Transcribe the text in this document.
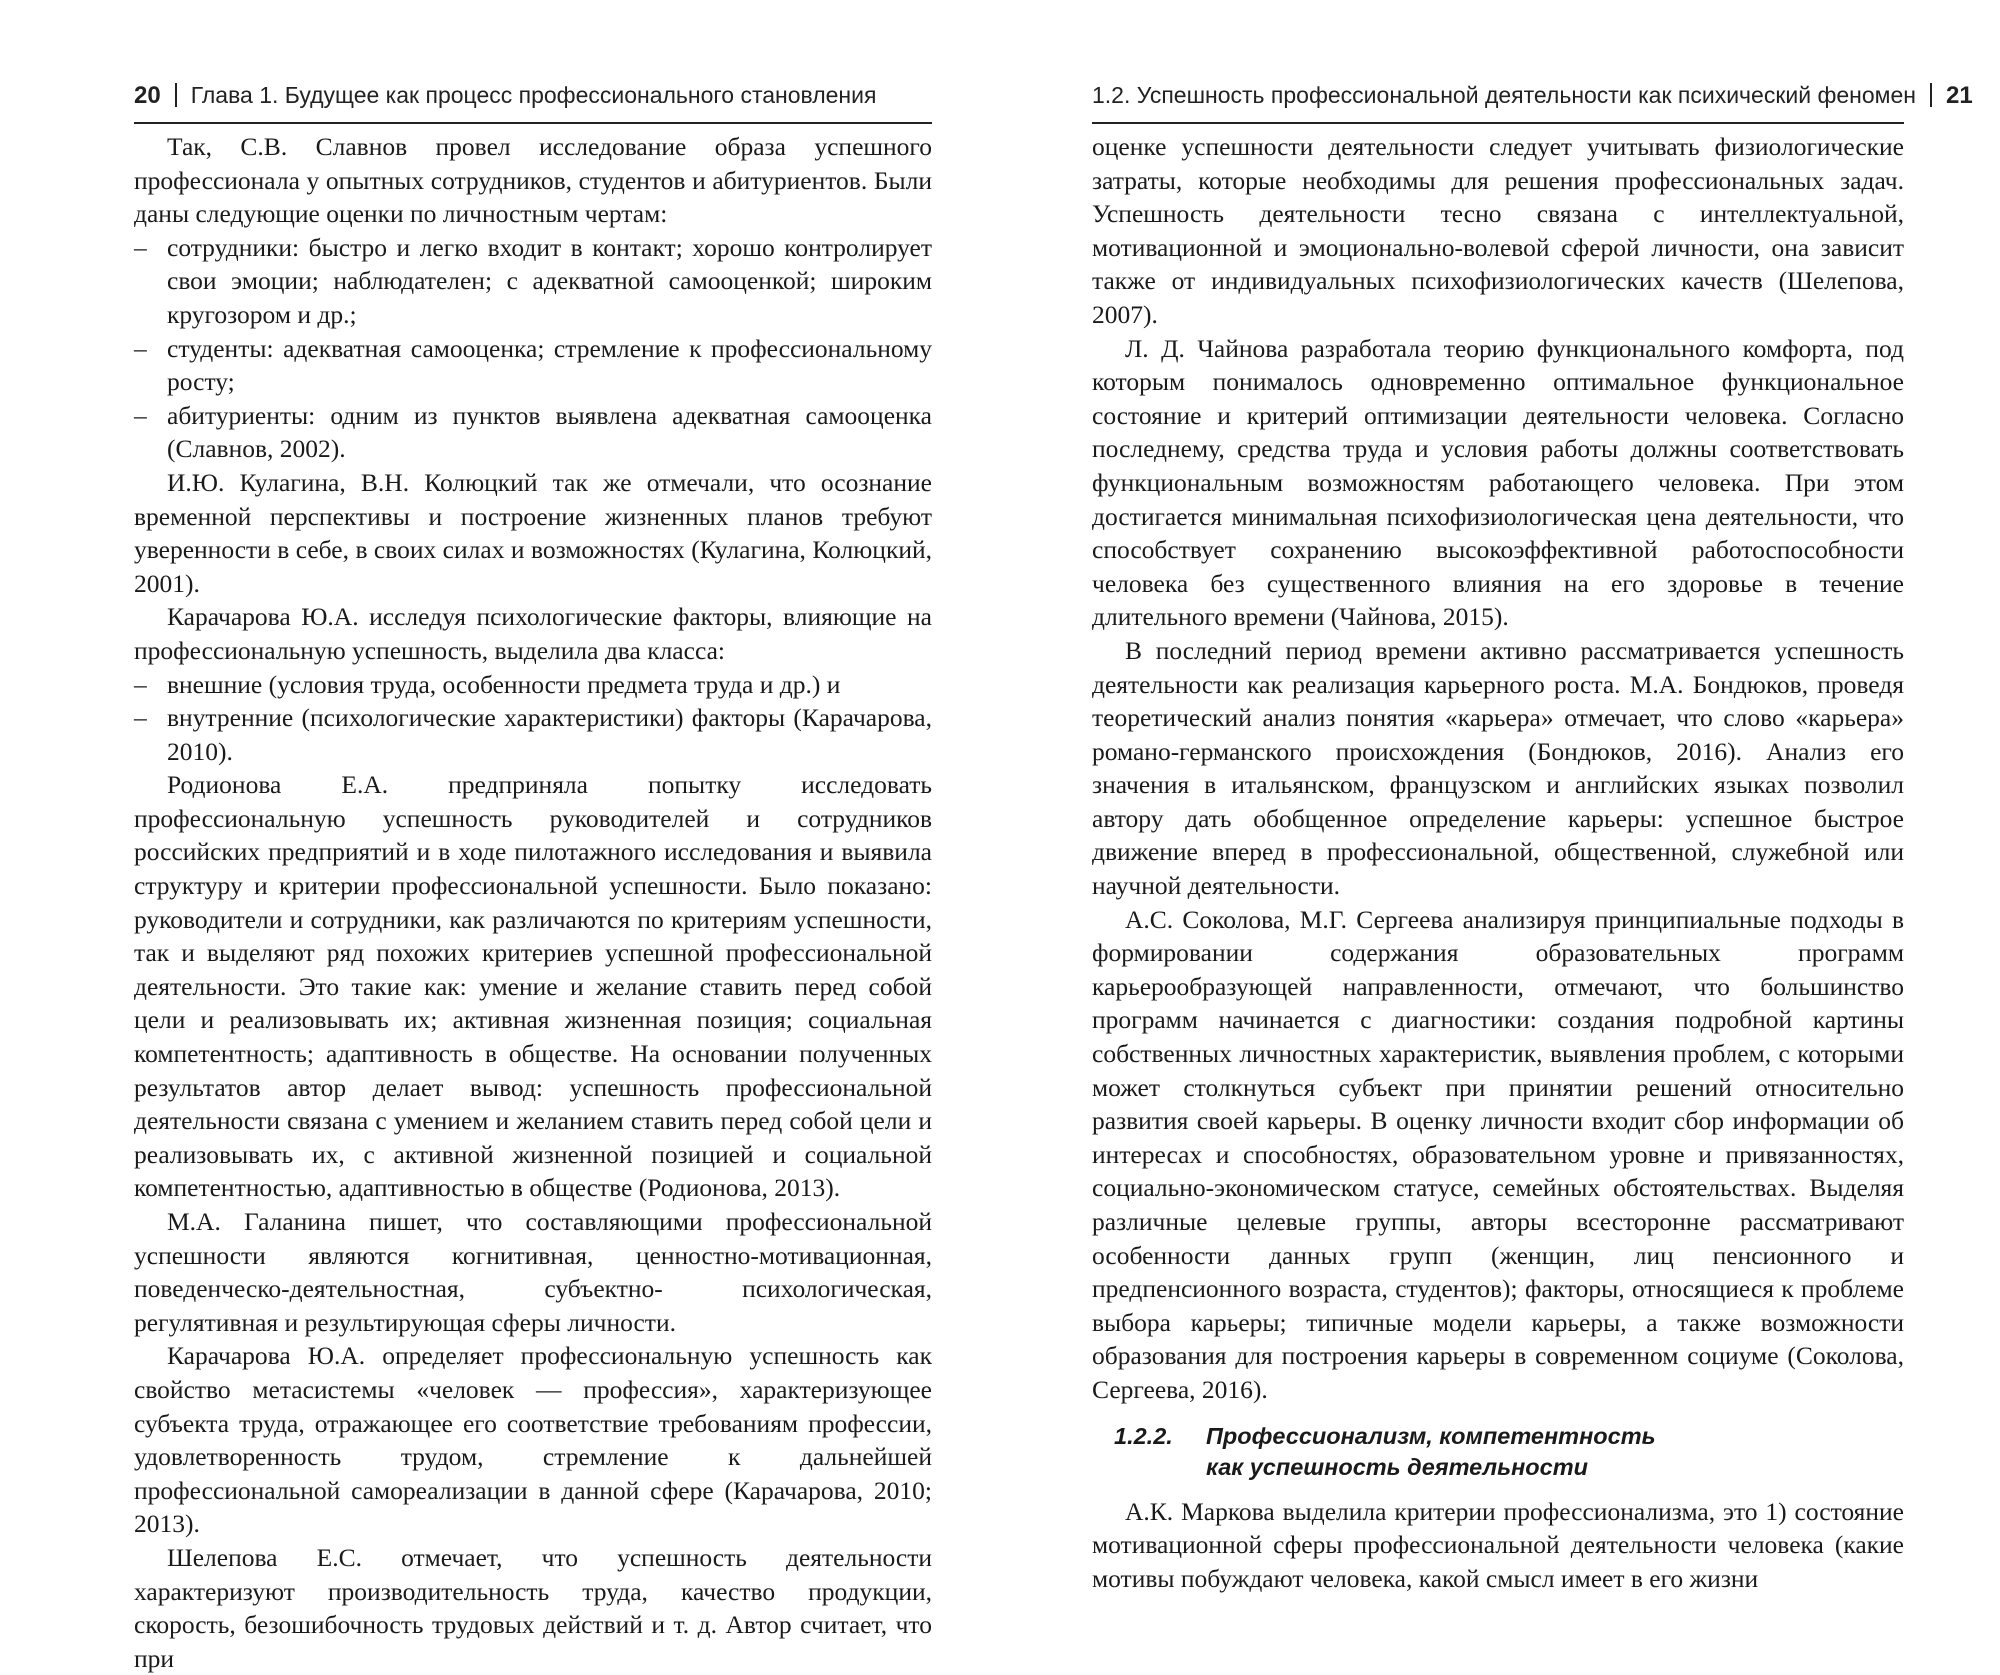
20 Глава 1. Будущее как процесс профессионального становления

Так, С.В. Славнов провел исследование образа успешного профессионала у опытных сотрудников, студентов и абитуриентов. Были даны следующие оценки по личностным чертам:

– сотрудники: быстро и легко входит в контакт; хорошо контролирует свои эмоции; наблюдателен; с адекватной самооценкой; широким кругозором и др.;
– студенты: адекватная самооценка; стремление к профессиональному росту;
– абитуриенты: одним из пунктов выявлена адекватная самооценка (Славнов, 2002).

И.Ю. Кулагина, В.Н. Колюцкий так же отмечали, что осознание временной перспективы и построение жизненных планов требуют уверенности в себе, в своих силах и возможностях (Кулагина, Колюцкий, 2001).

Карачарова Ю.А. исследуя психологические факторы, влияющие на профессиональную успешность, выделила два класса:

– внешние (условия труда, особенности предмета труда и др.) и
– внутренние (психологические характеристики) факторы (Карачарова, 2010).

Родионова Е.А. предприняла попытку исследовать профессиональную успешность руководителей и сотрудников российских предприятий и в ходе пилотажного исследования и выявила структуру и критерии профессиональной успешности. Было показано: руководители и сотрудники, как различаются по критериям успешности, так и выделяют ряд похожих критериев успешной профессиональной деятельности. Это такие как: умение и желание ставить перед собой цели и реализовывать их; активная жизненная позиция; социальная компетентность; адаптивность в обществе. На основании полученных результатов автор делает вывод: успешность профессиональной деятельности связана с умением и желанием ставить перед собой цели и реализовывать их, с активной жизненной позицией и социальной компетентностью, адаптивностью в обществе (Родионова, 2013).

М.А. Галанина пишет, что составляющими профессиональной успешности являются когнитивная, ценностно-мотивационная, поведенческо-деятельностная, субъектно- психологическая, регулятивная и результирующая сферы личности.

Карачарова Ю.А. определяет профессиональную успешность как свойство метасистемы «человек — профессия», характеризующее субъекта труда, отражающее его соответствие требованиям профессии, удовлетворенность трудом, стремление к дальнейшей профессиональной самореализации в данной сфере (Карачарова, 2010; 2013).

Шелепова Е.С. отмечает, что успешность деятельности характеризуют производительность труда, качество продукции, скорость, безошибочность трудовых действий и т. д. Автор считает, что при

1.2. Успешность профессиональной деятельности как психический феномен 21

оценке успешности деятельности следует учитывать физиологические затраты, которые необходимы для решения профессиональных задач. Успешность деятельности тесно связана с интеллектуальной, мотивационной и эмоционально-волевой сферой личности, она зависит также от индивидуальных психофизиологических качеств (Шелепова, 2007).

Л. Д. Чайнова разработала теорию функционального комфорта, под которым понималось одновременно оптимальное функциональное состояние и критерий оптимизации деятельности человека. Согласно последнему, средства труда и условия работы должны соответствовать функциональным возможностям работающего человека. При этом достигается минимальная психофизиологическая цена деятельности, что способствует сохранению высокоэффективной работоспособности человека без существенного влияния на его здоровье в течение длительного времени (Чайнова, 2015).

В последний период времени активно рассматривается успешность деятельности как реализация карьерного роста. М.А. Бондюков, проведя теоретический анализ понятия «карьера» отмечает, что слово «карьера» романо-германского происхождения (Бондюков, 2016). Анализ его значения в итальянском, французском и английских языках позволил автору дать обобщенное определение карьеры: успешное быстрое движение вперед в профессиональной, общественной, служебной или научной деятельности.

А.С. Соколова, М.Г. Сергеева анализируя принципиальные подходы в формировании содержания образовательных программ карьерообразующей направленности, отмечают, что большинство программ начинается с диагностики: создания подробной картины собственных личностных характеристик, выявления проблем, с которыми может столкнуться субъект при принятии решений относительно развития своей карьеры. В оценку личности входит сбор информации об интересах и способностях, образовательном уровне и привязанностях, социально-экономическом статусе, семейных обстоятельствах. Выделяя различные целевые группы, авторы всесторонне рассматривают особенности данных групп (женщин, лиц пенсионного и предпенсионного возраста, студентов); факторы, относящиеся к проблеме выбора карьеры; типичные модели карьеры, а также возможности образования для построения карьеры в современном социуме (Соколова, Сергеева, 2016).

1.2.2. Профессионализм, компетентность
как успешность деятельности

А.К. Маркова выделила критерии профессионализма, это 1) состояние мотивационной сферы профессиональной деятельности человека (какие мотивы побуждают человека, какой смысл имеет в его жизни
